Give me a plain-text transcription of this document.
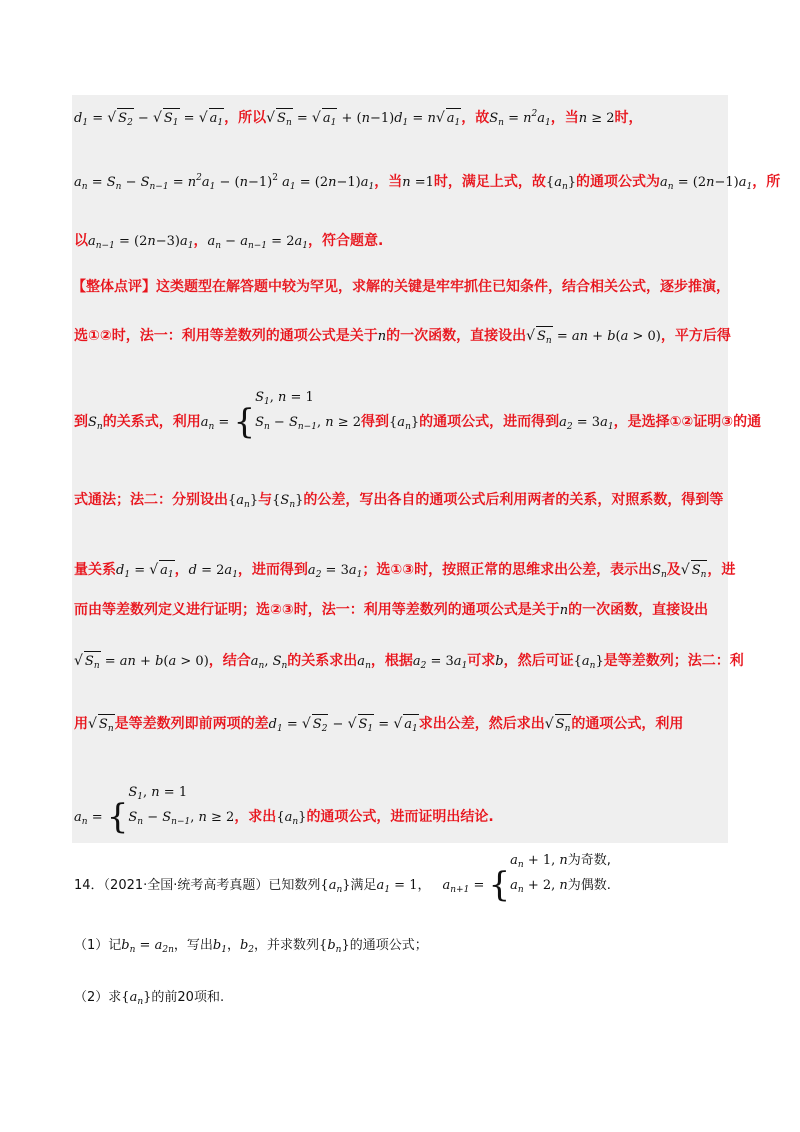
$d_1$ = √ $S_2$ − √ $S_1$ = √ $a_1$，所以√ $S_n$ = √ $a_1 + (n-1)d_1 = n√$ $a_1$，故$S_n = n^2a_1$，当n ≥ 2时，
$a_n = S_n - S_{n-1} = n^2a_1 - (n-1)^2$ $a_1 = (2n-1)a_1$，当n =1时，满足上式，故$\{a_n\}$的通项公式为$a_n = (2n-1)a_1$，所
以$a_{n-1} = (2n-3)a_1$，$a_n - a_{n-1} = 2a_1$，符合题意.
【整体点评】这类题型在解答题中较为罕见，求解的关键是牢牢抓住已知条件，结合相关公式，逐步推演，
选①②时，法一：利用等差数列的通项公式是关于n的一次函数，直接设出√ $S_n$ = an + b(a > 0)，平方后得
到$S_n$的关系式，利用$a_n = \{S_1$, n = 1
$S_n - S_{n-1}$, n ≥ 2得到$\{a_n\}$的通项公式，进而得到$a_2 = 3a_1$，是选择①②证明③的通
式通法；法二：分别设出$\{a_n\}$与$\{S_n\}$的公差，写出各自的通项公式后利用两者的关系，对照系数，得到等
量关系$d_1$ = √ $a_1$，$d = 2a_1$，进而得到$a_2 = 3a_1$；选①③时，按照正常的思维求出公差，表示出$S_n$及√ $S_n$，进
而由等差数列定义进行证明；选②③时，法一：利用等差数列的通项公式是关于n的一次函数，直接设出
√ $S_n$ = an + b(a > 0)，结合$a_n$, $S_n$的关系求出$a_n$，根据$a_2 = 3a_1$可求b，然后可证$\{a_n\}$是等差数列；法二：利
用√ $S_n$是等差数列即前两项的差$d_1$ = √ $S_2$ − √ $S_1$ = √ $a_1$求出公差，然后求出√ $S_n$的通项公式，利用
$a_n = \{S_1$, n = 1
$S_n - S_{n-1}$, n ≥ 2，求出$\{a_n\}$的通项公式，进而证明出结论.
14．（2021·全国·统考高考真题）已知数列$\{a_n\}$满足$a_1 = 1$， $a_{n+1} = \{a_n + 1$, n为奇数,
$a_n + 2$, n为偶数.
（1）记$b_n = a_{2n}$，写出$b_1$，$b_2$，并求数列$\{b_n\}$的通项公式；
（2）求$\{a_n\}$的前20项和.
